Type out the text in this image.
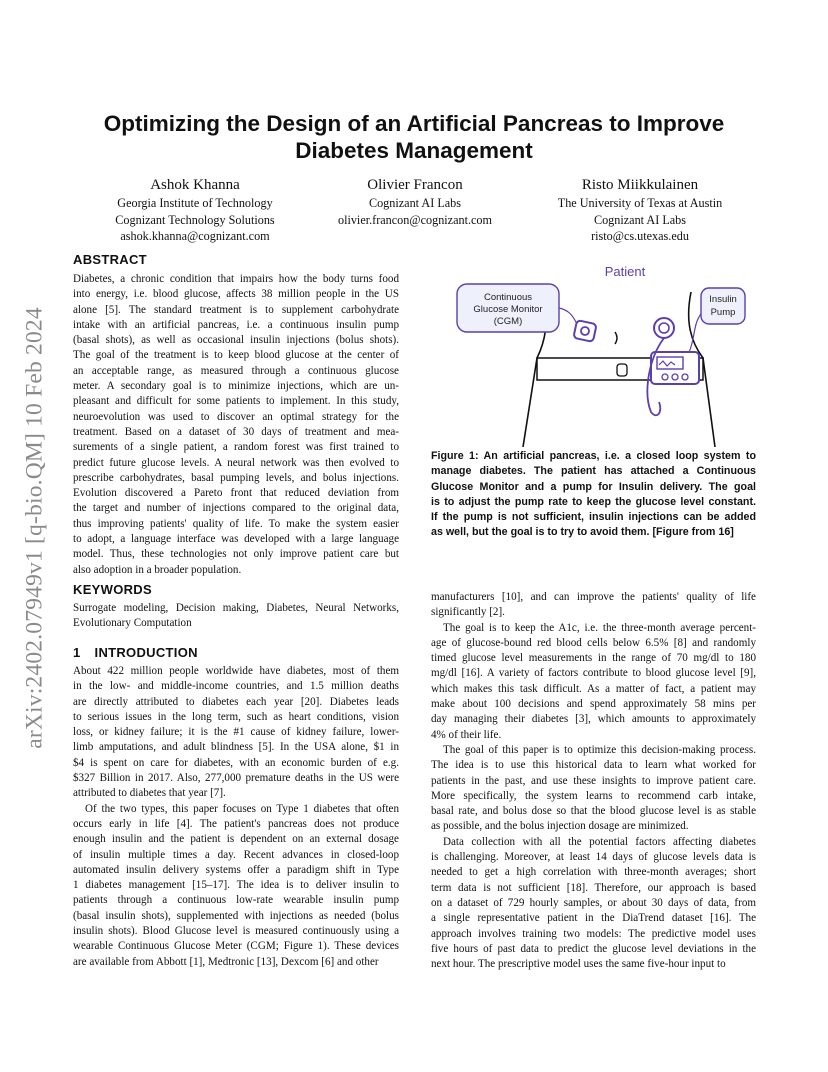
arXiv:2402.07949v1 [q-bio.QM] 10 Feb 2024
Optimizing the Design of an Artificial Pancreas to Improve Diabetes Management
Ashok Khanna
Georgia Institute of Technology
Cognizant Technology Solutions
ashok.khanna@cognizant.com
Olivier Francon
Cognizant AI Labs
olivier.francon@cognizant.com
Risto Miikkulainen
The University of Texas at Austin
Cognizant AI Labs
risto@cs.utexas.edu
ABSTRACT
Diabetes, a chronic condition that impairs how the body turns food
into energy, i.e. blood glucose, affects 38 million people in the US
alone [5]. The standard treatment is to supplement carbohydrate
intake with an artificial pancreas, i.e. a continuous insulin pump
(basal shots), as well as occasional insulin injections (bolus shots).
The goal of the treatment is to keep blood glucose at the center of
an acceptable range, as measured through a continuous glucose
meter. A secondary goal is to minimize injections, which are un-
pleasant and difficult for some patients to implement. In this study,
neuroevolution was used to discover an optimal strategy for the
treatment. Based on a dataset of 30 days of treatment and mea-
surements of a single patient, a random forest was first trained to
predict future glucose levels. A neural network was then evolved to
prescribe carbohydrates, basal pumping levels, and bolus injections.
Evolution discovered a Pareto front that reduced deviation from
the target and number of injections compared to the original data,
thus improving patients' quality of life. To make the system easier
to adopt, a language interface was developed with a large language
model. Thus, these technologies not only improve patient care but
also adoption in a broader population.
KEYWORDS
Surrogate modeling, Decision making, Diabetes, Neural Networks,
Evolutionary Computation
1 INTRODUCTION
About 422 million people worldwide have diabetes, most of them
in the low- and middle-income countries, and 1.5 million deaths
are directly attributed to diabetes each year [20]. Diabetes leads
to serious issues in the long term, such as heart conditions, vision
loss, or kidney failure; it is the #1 cause of kidney failure, lower-
limb amputations, and adult blindness [5]. In the USA alone, $1 in
$4 is spent on care for diabetes, with an economic burden of e.g.
$327 Billion in 2017. Also, 277,000 premature deaths in the US were
attributed to diabetes that year [7].
Of the two types, this paper focuses on Type 1 diabetes that often
occurs early in life [4]. The patient's pancreas does not produce
enough insulin and the patient is dependent on an external dosage
of insulin multiple times a day. Recent advances in closed-loop
automated insulin delivery systems offer a paradigm shift in Type
1 diabetes management [15–17]. The idea is to deliver insulin to
patients through a continuous low-rate wearable insulin pump
(basal insulin shots), supplemented with injections as needed (bolus
insulin shots). Blood Glucose level is measured continuously using a
wearable Continuous Glucose Meter (CGM; Figure 1). These devices
are available from Abbott [1], Medtronic [13], Dexcom [6] and other
Patient
Continuous
Glucose Monitor
(CGM)
Insulin
Pump
Figure 1: An artificial pancreas, i.e. a closed loop system to
manage diabetes. The patient has attached a Continuous
Glucose Monitor and a pump for Insulin delivery. The goal
is to adjust the pump rate to keep the glucose level constant.
If the pump is not sufficient, insulin injections can be added
as well, but the goal is to try to avoid them. [Figure from 16]
manufacturers [10], and can improve the patients' quality of life
significantly [2].
The goal is to keep the A1c, i.e. the three-month average percent-
age of glucose-bound red blood cells below 6.5% [8] and randomly
timed glucose level measurements in the range of 70 mg/dl to 180
mg/dl [16]. A variety of factors contribute to blood glucose level [9],
which makes this task difficult. As a matter of fact, a patient may
make about 100 decisions and spend approximately 58 mins per
day managing their diabetes [3], which amounts to approximately
4% of their life.
The goal of this paper is to optimize this decision-making process.
The idea is to use this historical data to learn what worked for
patients in the past, and use these insights to improve patient care.
More specifically, the system learns to recommend carb intake,
basal rate, and bolus dose so that the blood glucose level is as stable
as possible, and the bolus injection dosage are minimized.
Data collection with all the potential factors affecting diabetes
is challenging. Moreover, at least 14 days of glucose levels data is
needed to get a high correlation with three-month averages; short
term data is not sufficient [18]. Therefore, our approach is based
on a dataset of 729 hourly samples, or about 30 days of data, from
a single representative patient in the DiaTrend dataset [16]. The
approach involves training two models: The predictive model uses
five hours of past data to predict the glucose level deviations in the
next hour. The prescriptive model uses the same five-hour input to
